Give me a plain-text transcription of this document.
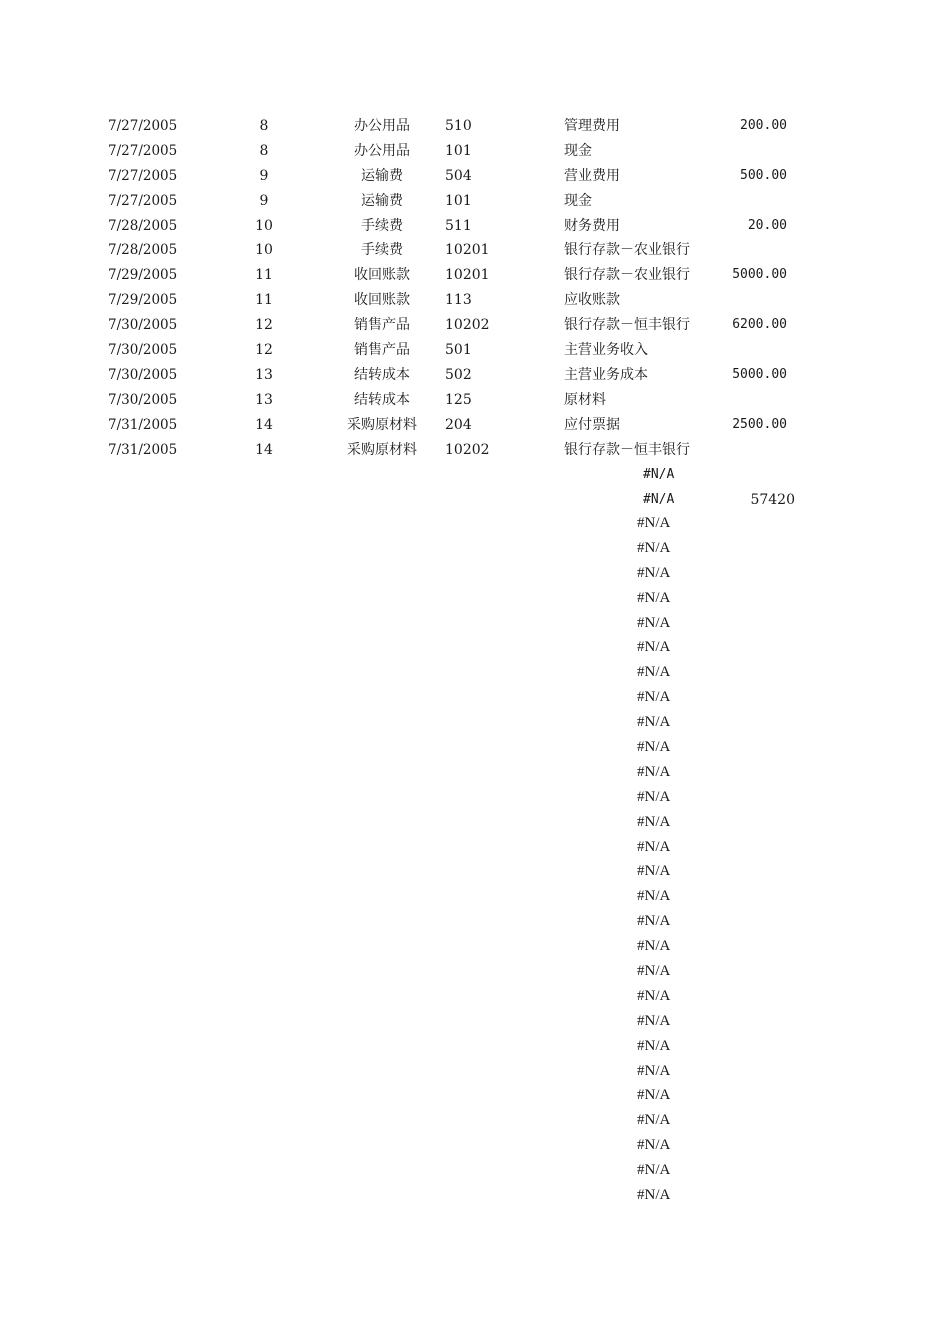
7/27/2005	8	办公用品	510	管理费用	200.00
7/27/2005	8	办公用品	101	现金
7/27/2005	9	运输费	504	营业费用	500.00
7/27/2005	9	运输费	101	现金
7/28/2005	10	手续费	511	财务费用	20.00
7/28/2005	10	手续费	10201	银行存款－农业银行
7/29/2005	11	收回账款	10201	银行存款－农业银行	5000.00
7/29/2005	11	收回账款	113	应收账款
7/30/2005	12	销售产品	10202	银行存款－恒丰银行	6200.00
7/30/2005	12	销售产品	501	主营业务收入
7/30/2005	13	结转成本	502	主营业务成本	5000.00
7/30/2005	13	结转成本	125	原材料
7/31/2005	14	采购原材料	204	应付票据	2500.00
7/31/2005	14	采购原材料	10202	银行存款－恒丰银行
#N/A
#N/A	57420
#N/A
#N/A
#N/A
#N/A
#N/A
#N/A
#N/A
#N/A
#N/A
#N/A
#N/A
#N/A
#N/A
#N/A
#N/A
#N/A
#N/A
#N/A
#N/A
#N/A
#N/A
#N/A
#N/A
#N/A
#N/A
#N/A
#N/A
#N/A
